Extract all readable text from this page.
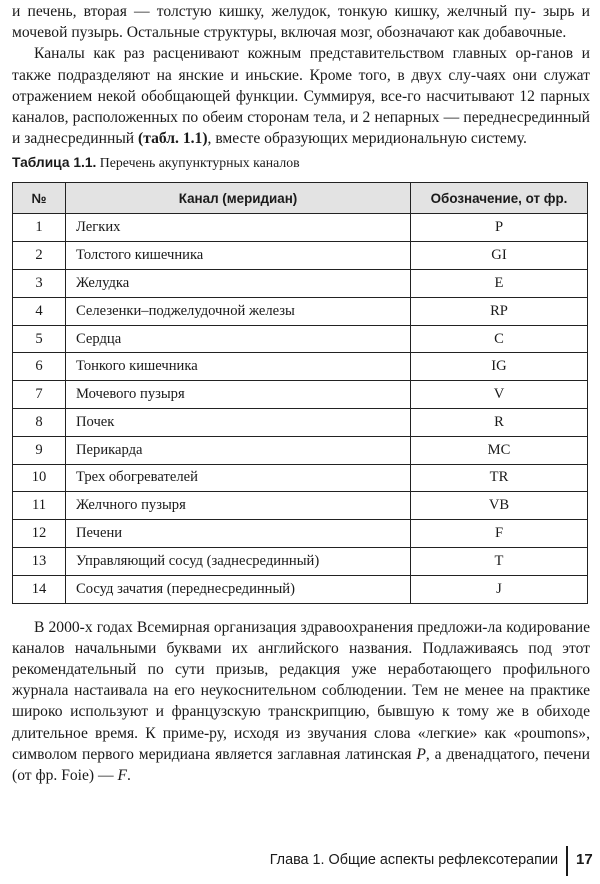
и печень, вторая — толстую кишку, желудок, тонкую кишку, желчный пу- зырь и мочевой пузырь. Остальные структуры, включая мозг, обозначают как добавочные.

Каналы как раз расценивают кожным представительством главных ор-ганов и также подразделяют на янские и иньские. Кроме того, в двух слу-чаях они служат отражением некой обобщающей функции. Суммируя, все-го насчитывают 12 парных каналов, расположенных по обеим сторонам тела, и 2 непарных — переднесрединный и заднесрединный (табл. 1.1), вместе образующих меридиональную систему.

Таблица 1.1. Перечень акупунктурных каналов
№	Канал (меридиан)	Обозначение, от фр.
1	Легких	P
2	Толстого кишечника	GI
3	Желудка	E
4	Селезенки–поджелудочной железы	RP
5	Сердца	C
6	Тонкого кишечника	IG
7	Мочевого пузыря	V
8	Почек	R
9	Перикарда	MC
10	Трех обогревателей	TR
11	Желчного пузыря	VB
12	Печени	F
13	Управляющий сосуд (заднесрединный)	T
14	Сосуд зачатия (переднесрединный)	J

В 2000-х годах Всемирная организация здравоохранения предложи-ла кодирование каналов начальными буквами их английского названия. Подлаживаясь под этот рекомендательный по сути призыв, редакция уже неработающего профильного журнала настаивала на его неукоснительном соблюдении. Тем не менее на практике широко используют и французскую транскрипцию, бывшую к тому же в обиходе длительное время. К приме-ру, исходя из звучания слова «легкие» как «poumons», символом первого меридиана является заглавная латинская P, а двенадцатого, печени (от фр. Foie) — F.

Глава 1. Общие аспекты рефлексотерапии 17
